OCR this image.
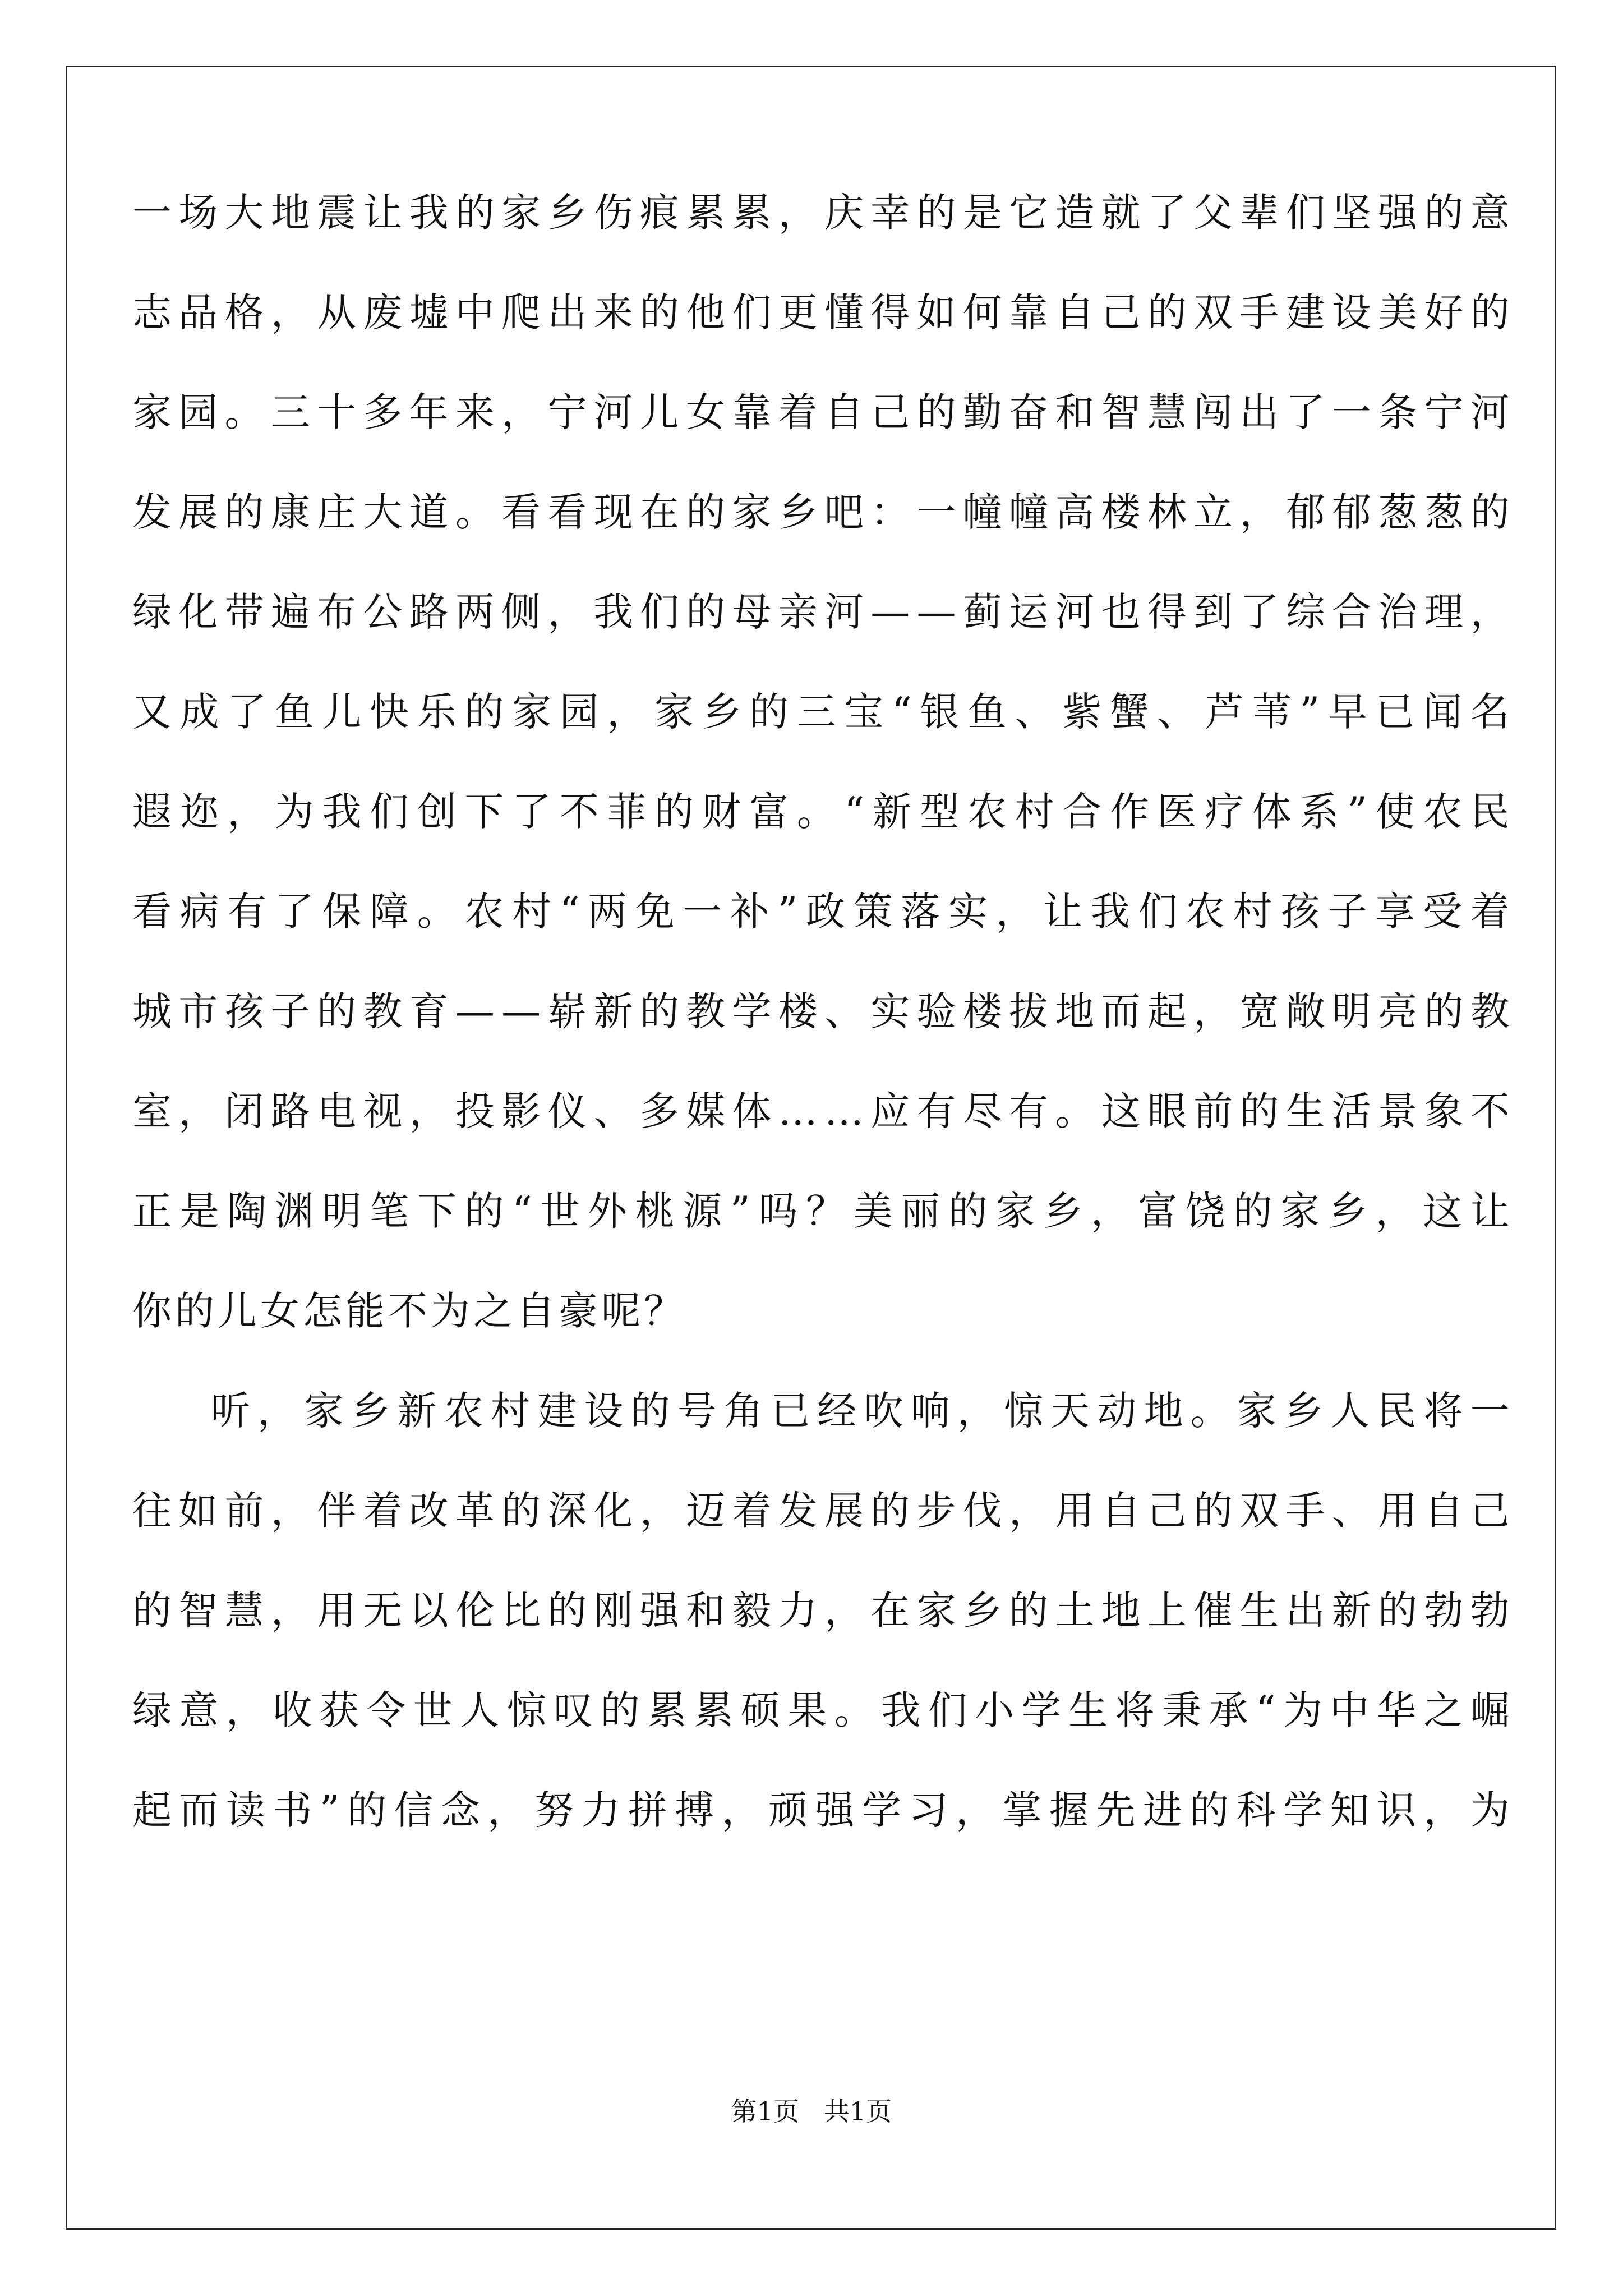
一 场 大 地 震 让 我 的 家 乡 伤 痕 累 累 ， 庆 幸 的 是 它 造 就 了 父 辈 们 坚 强 的 意
志 品 格 ， 从 废 墟 中 爬 出 来 的 他 们 更 懂 得 如 何 靠 自 己 的 双 手 建 设 美 好 的
家 园 。 三 十 多 年 来 ， 宁 河 儿 女 靠 着 自 己 的 勤 奋 和 智 慧 闯 出 了 一 条 宁 河
发 展 的 康 庄 大 道 。 看 看 现 在 的 家 乡 吧 ： 一 幢 幢 高 楼 林 立 ， 郁 郁 葱 葱 的
绿 化 带 遍 布 公 路 两 侧 ， 我 们 的 母 亲 河 — — 蓟 运 河 也 得 到 了 综 合 治 理 ，
又 成 了 鱼 儿 快 乐 的 家 园 ， 家 乡 的 三 宝 “ 银 鱼 、 紫 蟹 、 芦 苇 ” 早 已 闻 名
遐 迩 ， 为 我 们 创 下 了 不 菲 的 财 富 。 “ 新 型 农 村 合 作 医 疗 体 系 ” 使 农 民
看 病 有 了 保 障 。 农 村 “ 两 免 一 补 ” 政 策 落 实 ， 让 我 们 农 村 孩 子 享 受 着
城 市 孩 子 的 教 育 — — 崭 新 的 教 学 楼 、 实 验 楼 拔 地 而 起 ， 宽 敞 明 亮 的 教
室 ， 闭 路 电 视 ， 投 影 仪 、 多 媒 体 … … 应 有 尽 有 。 这 眼 前 的 生 活 景 象 不
正 是 陶 渊 明 笔 下 的 “ 世 外 桃 源 ” 吗 ？ 美 丽 的 家 乡 ， 富 饶 的 家 乡 ， 这 让
你的儿女怎能不为之自豪呢？
听 ， 家 乡 新 农 村 建 设 的 号 角 已 经 吹 响 ， 惊 天 动 地 。 家 乡 人 民 将 一
往 如 前 ， 伴 着 改 革 的 深 化 ， 迈 着 发 展 的 步 伐 ， 用 自 己 的 双 手 、 用 自 己
的 智 慧 ， 用 无 以 伦 比 的 刚 强 和 毅 力 ， 在 家 乡 的 土 地 上 催 生 出 新 的 勃 勃
绿 意 ， 收 获 令 世 人 惊 叹 的 累 累 硕 果 。 我 们 小 学 生 将 秉 承 “ 为 中 华 之 崛
起 而 读 书 ” 的 信 念 ， 努 力 拼 搏 ， 顽 强 学 习 ， 掌 握 先 进 的 科 学 知 识 ， 为
第1页   共1页
